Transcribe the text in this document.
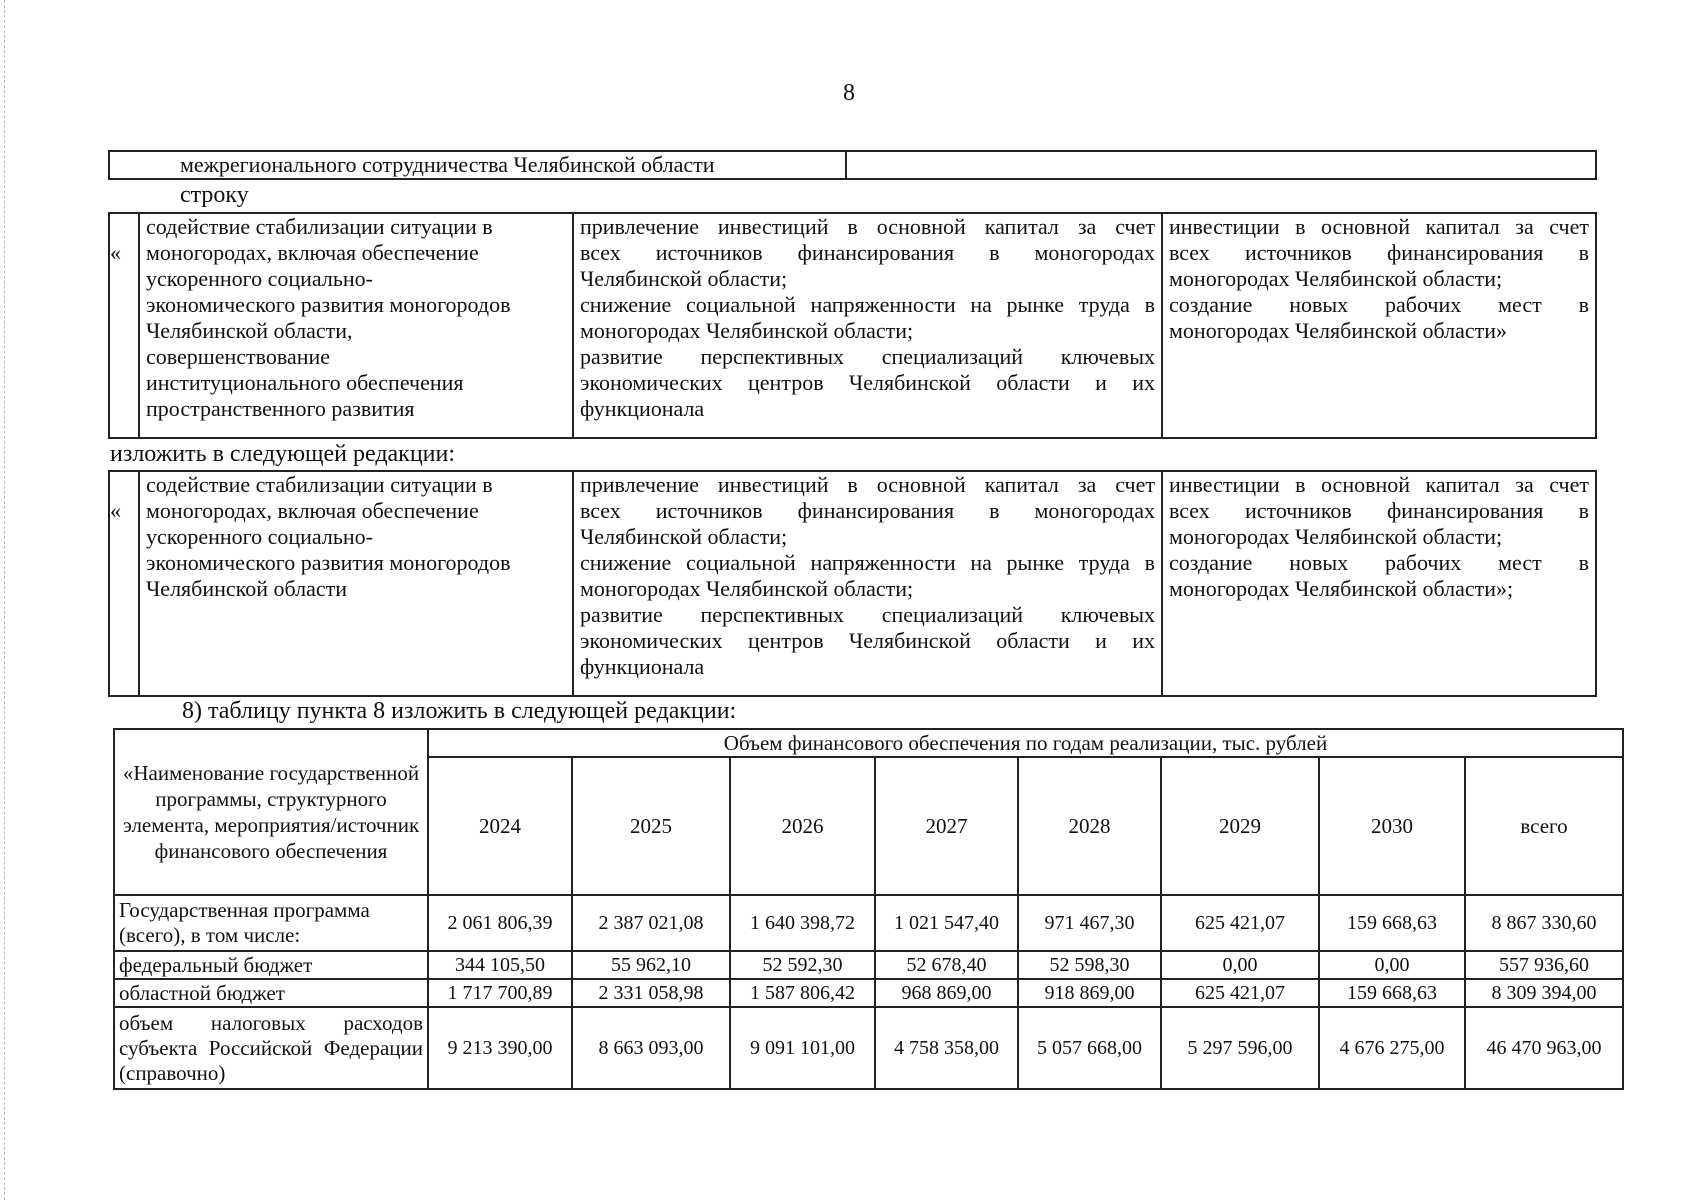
8
межрегионального сотрудничества Челябинской области	
строку
«

содействие стабилизации ситуации в
моногородах, включая обеспечение
ускоренного социально-
экономического развития моногородов
Челябинской области,
совершенствование
институционального обеспечения
пространственного развития

привлечение инвестиций в основной капитал за счет
всех источников финансирования в моногородах
Челябинской области;
снижение социальной напряженности на рынке труда в
моногородах Челябинской области;
развитие перспективных специализаций ключевых
экономических центров Челябинской области и их
функционала

инвестиции в основной капитал за счет
всех источников финансирования в
моногородах Челябинской области;
создание новых рабочих мест в
моногородах Челябинской области»
изложить в следующей редакции:
«

содействие стабилизации ситуации в
моногородах, включая обеспечение
ускоренного социально-
экономического развития моногородов
Челябинской области

привлечение инвестиций в основной капитал за счет
всех источников финансирования в моногородах
Челябинской области;
снижение социальной напряженности на рынке труда в
моногородах Челябинской области;
развитие перспективных специализаций ключевых
экономических центров Челябинской области и их
функционала

инвестиции в основной капитал за счет
всех источников финансирования в
моногородах Челябинской области;
создание новых рабочих мест в
моногородах Челябинской области»;
8) таблицу пункта 8 изложить в следующей редакции:
«Наименование государственной программы, структурного элемента, мероприятия/источник финансового обеспечения	Объем финансового обеспечения по годам реализации, тыс. рублей							
	2024	2025	2026	2027	2028	2029	2030	всего
Государственная программа (всего), в том числе:	2 061 806,39	2 387 021,08	1 640 398,72	1 021 547,40	971 467,30	625 421,07	159 668,63	8 867 330,60
федеральный бюджет	344 105,50	55 962,10	52 592,30	52 678,40	52 598,30	0,00	0,00	557 936,60
областной бюджет	1 717 700,89	2 331 058,98	1 587 806,42	968 869,00	918 869,00	625 421,07	159 668,63	8 309 394,00
объем налоговых расходов субъекта Российской Федерации (справочно)	9 213 390,00	8 663 093,00	9 091 101,00	4 758 358,00	5 057 668,00	5 297 596,00	4 676 275,00	46 470 963,00
